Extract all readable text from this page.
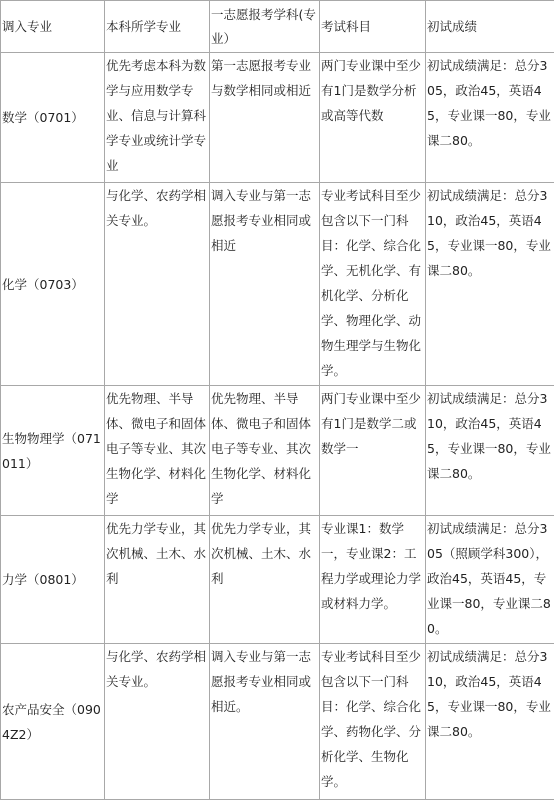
调入专业	本科所学专业	一志愿报考学科(专业）	考试科目	初试成绩
数学（0701）	优先考虑本科为数学与应用数学专业、信息与计算科学专业或统计学专业	第一志愿报考专业与数学相同或相近	两门专业课中至少有1门是数学分析或高等代数	初试成绩满足：总分305，政治45，英语45，专业课一80，专业课二80。
化学（0703）	与化学、农药学相关专业。	调入专业与第一志愿报考专业相同或相近	专业考试科目至少包含以下一门科目：化学、综合化学、无机化学、有机化学、分析化学、物理化学、动物生理学与生物化学。	初试成绩满足：总分310，政治45，英语45，专业课一80，专业课二80。
生物物理学（071011）	优先物理、半导体、微电子和固体电子等专业、其次生物化学、材料化学	优先物理、半导体、微电子和固体电子等专业、其次生物化学、材料化学	两门专业课中至少有1门是数学二或数学一	初试成绩满足：总分310，政治45，英语45，专业课一80，专业课二80。
力学（0801）	优先力学专业，其次机械、土木、水利	优先力学专业，其次机械、土木、水利	专业课1：数学一，专业课2：工程力学或理论力学或材料力学。	初试成绩满足：总分305（照顾学科300），政治45，英语45，专业课一80，专业课二80。
农产品安全（0904Z2）	与化学、农药学相关专业。	调入专业与第一志愿报考专业相同或相近。	专业考试科目至少包含以下一门科目：化学、综合化学、药物化学、分析化学、生物化学。	初试成绩满足：总分310，政治45，英语45，专业课一80，专业课二80。
